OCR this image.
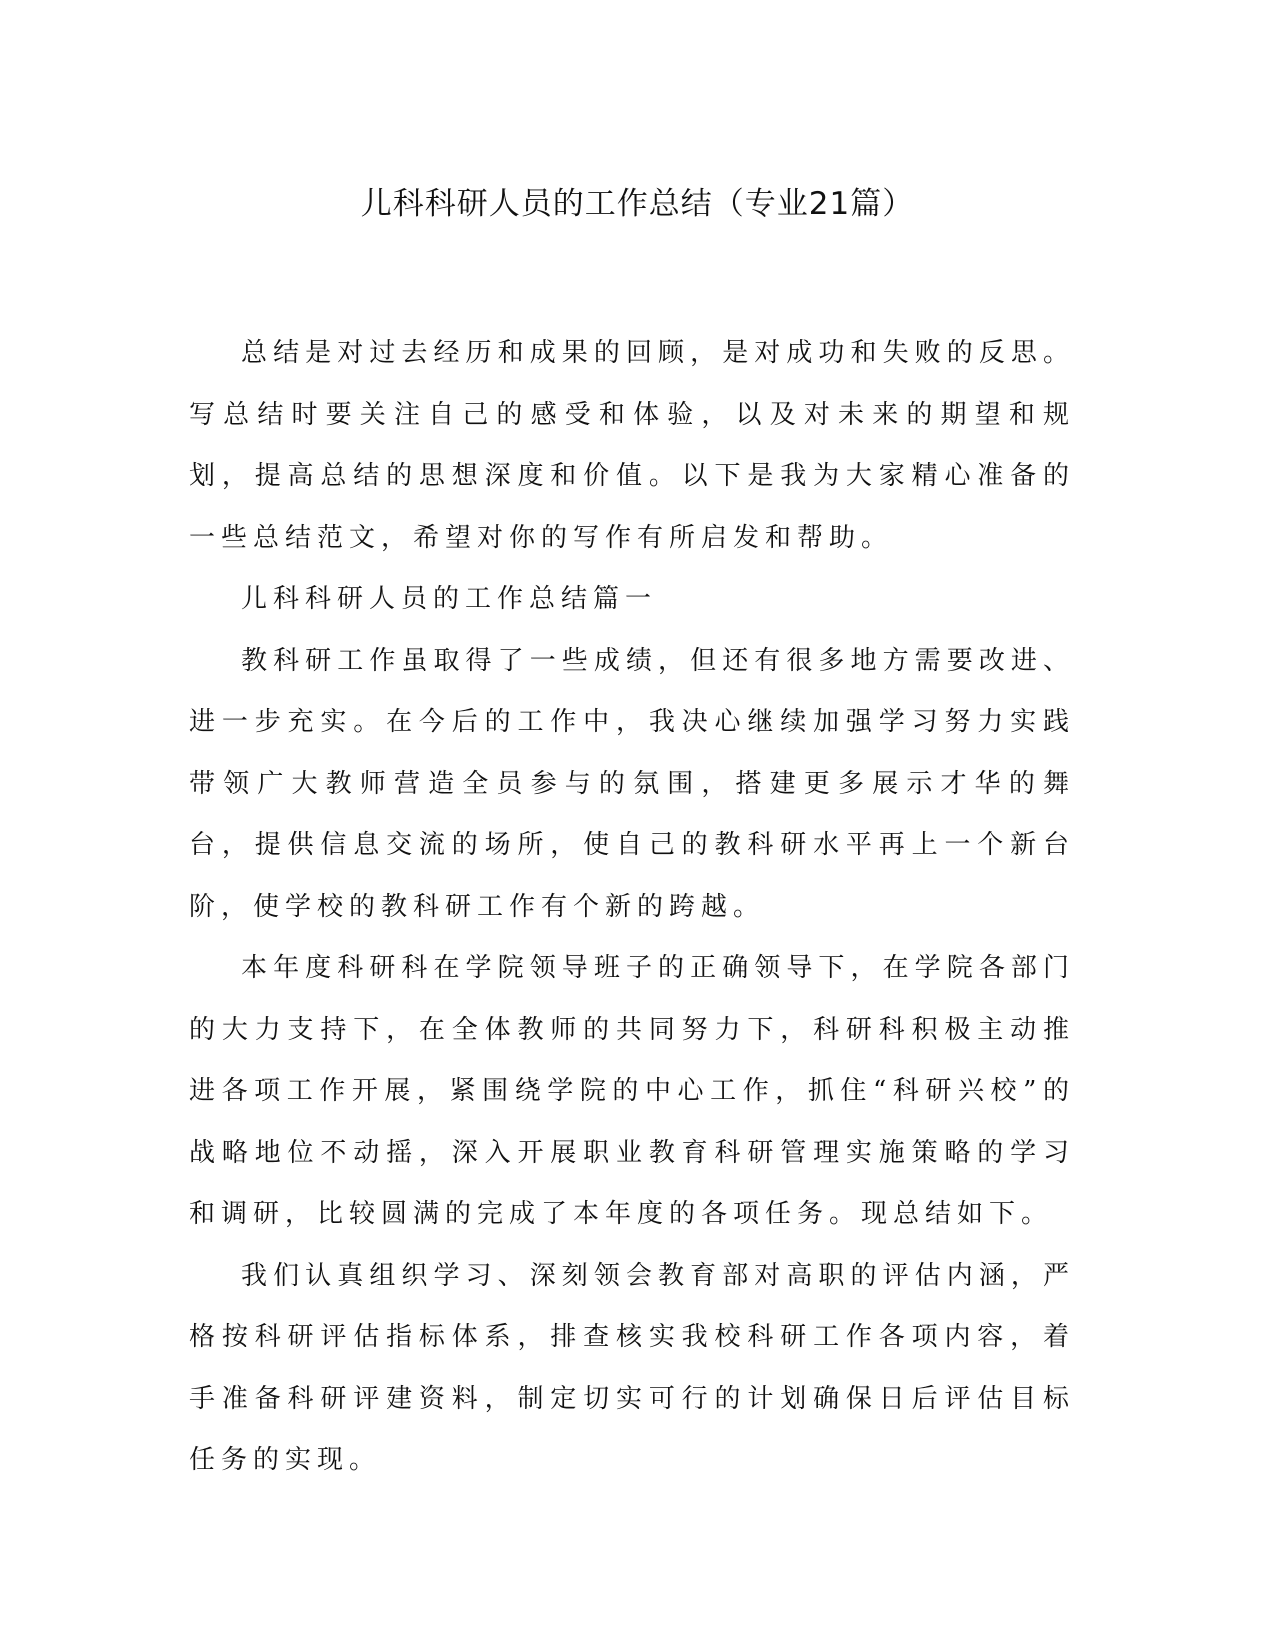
儿科科研人员的工作总结（专业21篇）

总结是对过去经历和成果的回顾，是对成功和失败的反思。写总结时要关注自己的感受和体验，以及对未来的期望和规划，提高总结的思想深度和价值。以下是我为大家精心准备的一些总结范文，希望对你的写作有所启发和帮助。

儿科科研人员的工作总结篇一

教科研工作虽取得了一些成绩，但还有很多地方需要改进、进一步充实。在今后的工作中，我决心继续加强学习努力实践带领广大教师营造全员参与的氛围，搭建更多展示才华的舞台，提供信息交流的场所，使自己的教科研水平再上一个新台阶，使学校的教科研工作有个新的跨越。

本年度科研科在学院领导班子的正确领导下，在学院各部门的大力支持下，在全体教师的共同努力下，科研科积极主动推进各项工作开展，紧围绕学院的中心工作，抓住“科研兴校”的战略地位不动摇，深入开展职业教育科研管理实施策略的学习和调研，比较圆满的完成了本年度的各项任务。现总结如下。

我们认真组织学习、深刻领会教育部对高职的评估内涵，严格按科研评估指标体系，排查核实我校科研工作各项内容，着手准备科研评建资料，制定切实可行的计划确保日后评估目标任务的实现。
